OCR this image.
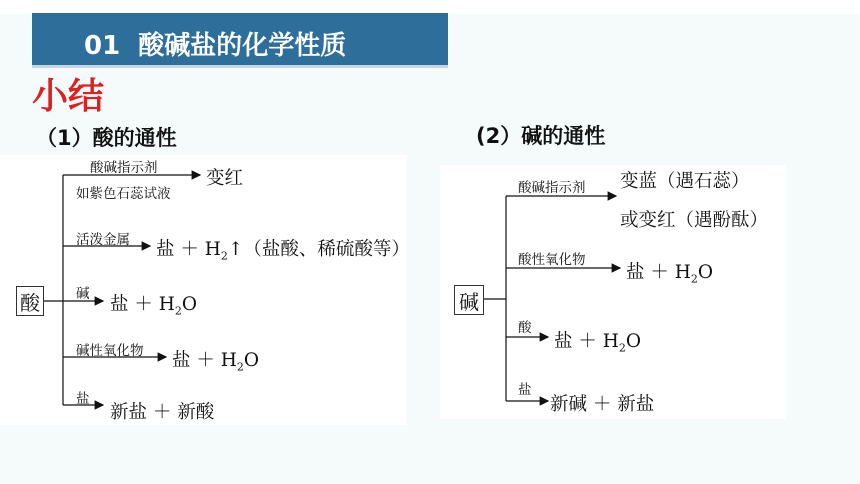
01 酸碱盐的化学性质
小结
（1）酸的通性	(2）碱的通性
酸
酸碱指示剂
如紫色石蕊试液
变红
活泼金属 盐 ＋ $H_2↑$（盐酸、稀硫酸等）
碱 盐 ＋ $H_2O$
碱性氧化物 盐 ＋ $H_2O$
盐
新盐 ＋ 新酸
碱
酸碱指示剂 变蓝（遇石蕊）
或变红（遇酚酞）
酸性氧化物
盐 ＋ $H_2O$
酸
盐 ＋ $H_2O$
盐
新碱 ＋ 新盐
